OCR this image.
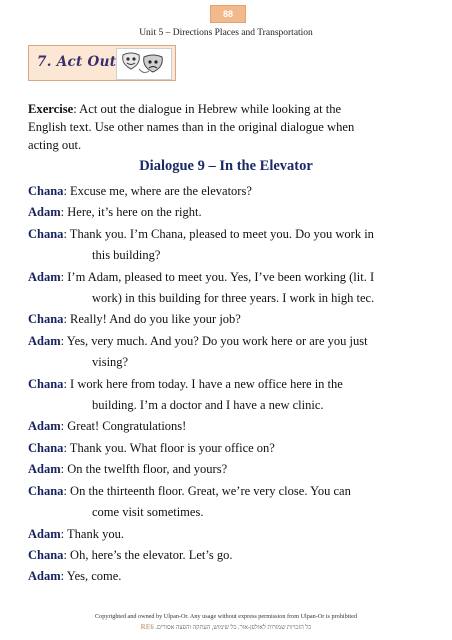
88
Unit 5 – Directions Places and Transportation
7. Act Out
Exercise: Act out the dialogue in Hebrew while looking at the English text. Use other names than in the original dialogue when acting out.
Dialogue 9 – In the Elevator
Chana: Excuse me, where are the elevators?
Adam: Here, it’s here on the right.
Chana: Thank you. I’m Chana, pleased to meet you. Do you work in
this building?
Adam: I’m Adam, pleased to meet you. Yes, I’ve been working (lit. I
work) in this building for three years. I work in high tec.
Chana: Really! And do you like your job?
Adam: Yes, very much. And you? Do you work here or are you just
vising?
Chana: I work here from today. I have a new office here in the
building. I’m a doctor and I have a new clinic.
Adam: Great! Congratulations!
Chana: Thank you. What floor is your office on?
Adam: On the twelfth floor, and yours?
Chana: On the thirteenth floor. Great, we’re very close. You can
come visit sometimes.
Adam: Thank you.
Chana: Oh, here’s the elevator. Let’s go.
Adam: Yes, come.
Copyrighted and owned by Ulpan-Or. Any usage without express permission from Ulpan-Or is prohibited
RE6 כל הזכויות שמורות לאולפן-אור. כל שימוש, העתקה והפצה אסורים.
